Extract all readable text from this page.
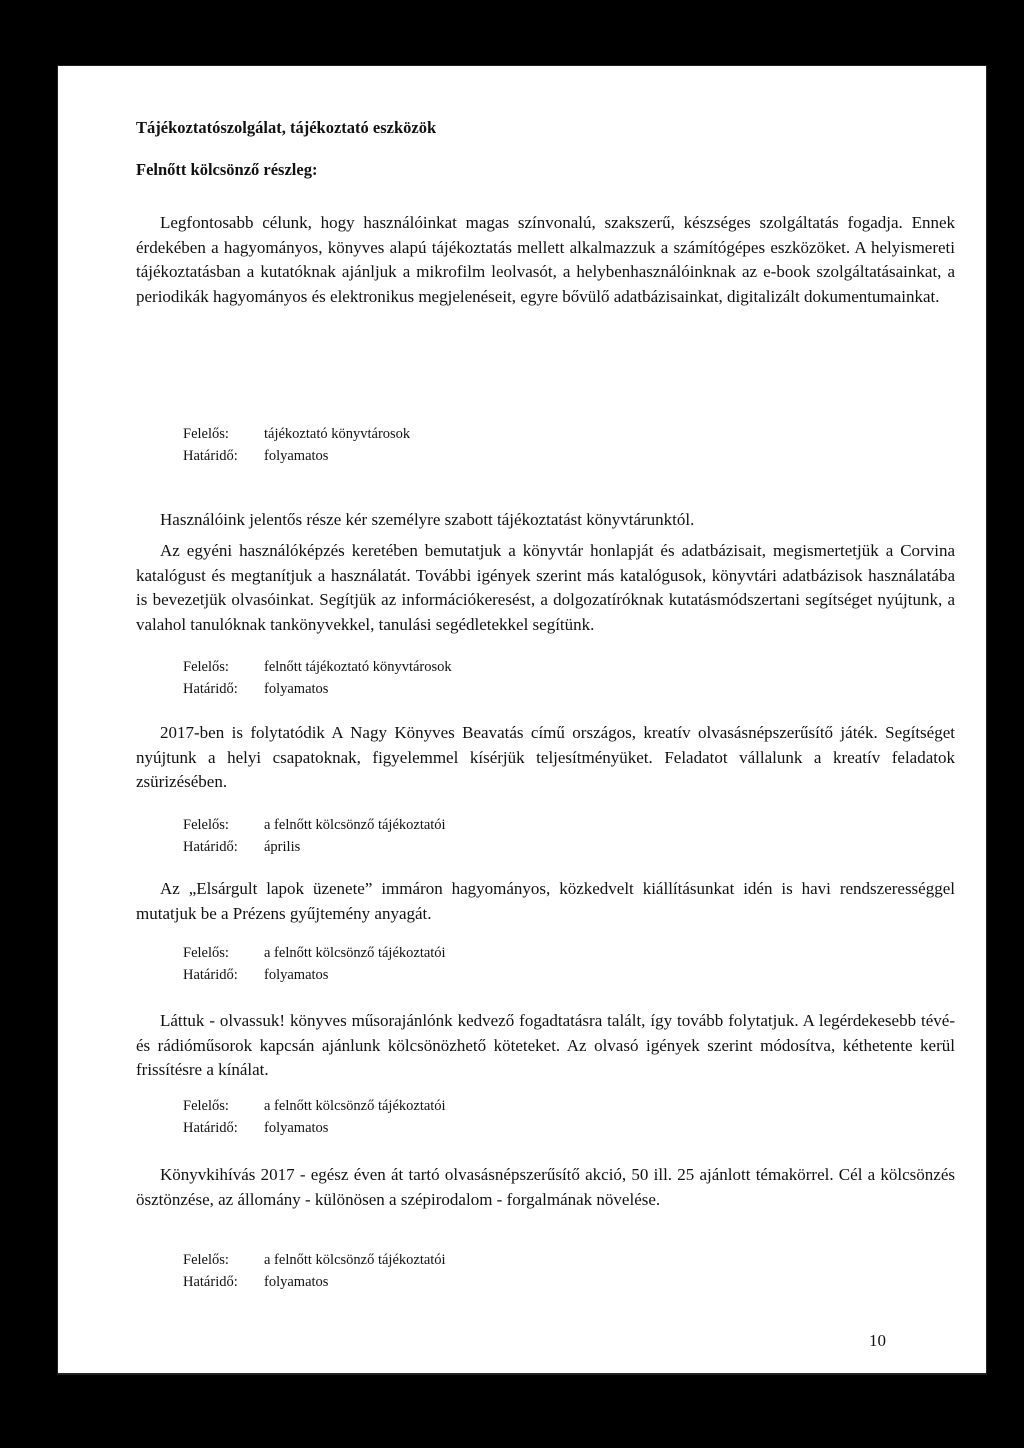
Tájékoztatószolgálat, tájékoztató eszközök
Felnőtt kölcsönző részleg:

Legfontosabb célunk, hogy használóinkat magas színvonalú, szakszerű, készséges szolgáltatás fogadja. Ennek érdekében a hagyományos, könyves alapú tájékoztatás mellett alkalmazzuk a számítógépes eszközöket. A helyismereti tájékoztatásban a kutatóknak ajánljuk a mikrofilm leolvasót, a helybenhasználóinknak az e-book szolgáltatásainkat, a periodikák hagyományos és elektronikus megjelenéseit, egyre bővülő adatbázisainkat, digitalizált dokumentumainkat.

Felelős:	tájékoztató könyvtárosok
Határidő:	folyamatos

Használóink jelentős része kér személyre szabott tájékoztatást könyvtárunktól.

Az egyéni használóképzés keretében bemutatjuk a könyvtár honlapját és adatbázisait, megismertetjük a Corvina katalógust és megtanítjuk a használatát. További igények szerint más katalógusok, könyvtári adatbázisok használatába is bevezetjük olvasóinkat. Segítjük az információkeresést, a dolgozatíróknak kutatásmódszertani segítséget nyújtunk, a valahol tanulóknak tankönyvekkel, tanulási segédletekkel segítünk.

Felelős:	felnőtt tájékoztató könyvtárosok
Határidő:	folyamatos

2017-ben is folytatódik A Nagy Könyves Beavatás című országos, kreatív olvasásnépszerűsítő játék. Segítséget nyújtunk a helyi csapatoknak, figyelemmel kísérjük teljesítményüket. Feladatot vállalunk a kreatív feladatok zsürizésében.

Felelős:	a felnőtt kölcsönző tájékoztatói
Határidő:	április

Az „Elsárgult lapok üzenete” immáron hagyományos, közkedvelt kiállításunkat idén is havi rendszerességgel mutatjuk be a Prézens gyűjtemény anyagát.

Felelős:	a felnőtt kölcsönző tájékoztatói
Határidő:	folyamatos

Láttuk - olvassuk! könyves műsorajánlónk kedvező fogadtatásra talált, így tovább folytatjuk. A legérdekesebb tévé- és rádióműsorok kapcsán ajánlunk kölcsönözhető köteteket. Az olvasó igények szerint módosítva, kéthetente kerül frissítésre a kínálat.

Felelős:	a felnőtt kölcsönző tájékoztatói
Határidő:	folyamatos

Könyvkihívás 2017 - egész éven át tartó olvasásnépszerűsítő akció, 50 ill. 25 ajánlott témakörrel. Cél a kölcsönzés ösztönzése, az állomány - különösen a szépirodalom - forgalmának növelése.

Felelős:	a felnőtt kölcsönző tájékoztatói
Határidő:	folyamatos
10
